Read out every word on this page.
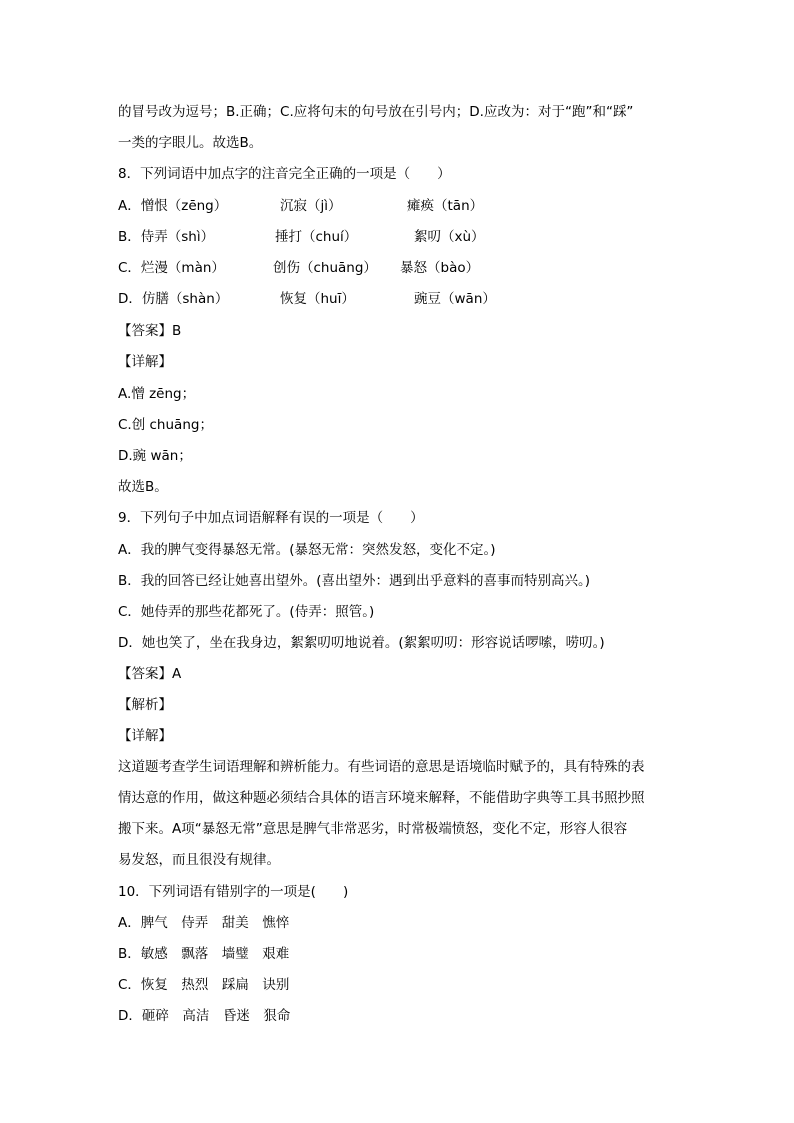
的冒号改为逗号；B.正确；C.应将句末的句号放在引号内；D.应改为：对于“跑”和“踩”
一类的字眼儿。故选B。
8．下列词语中加点字的注音完全正确的一项是（　　）
A．憎恨（zēng）	沉寂（jì）	瘫痪（tān）
B．侍弄（shì）	捶打（chuí）	絮叨（xù）
C．烂漫（màn）	创伤（chuāng） 暴怒（bào）
D．仿膳（shàn）	恢复（huī）	豌豆（wān）
【答案】B
【详解】
A.憎 zēng；
C.创 chuāng；
D.豌 wān；
故选B。
9．下列句子中加点词语解释有误的一项是（　　）
A．我的脾气变得暴怒无常。(暴怒无常：突然发怒，变化不定。)
B．我的回答已经让她喜出望外。(喜出望外：遇到出乎意料的喜事而特别高兴。)
C．她侍弄的那些花都死了。(侍弄：照管。)
D．她也笑了，坐在我身边，絮絮叨叨地说着。(絮絮叨叨：形容说话啰嗦，唠叨。)
【答案】A
【解析】
【详解】
这道题考查学生词语理解和辨析能力。有些词语的意思是语境临时赋予的，具有特殊的表
情达意的作用，做这种题必须结合具体的语言环境来解释，不能借助字典等工具书照抄照
搬下来。A项“暴怒无常”意思是脾气非常恶劣，时常极端愤怒，变化不定，形容人很容
易发怒，而且很没有规律。
10．下列词语有错别字的一项是(　　)
A．脾气　侍弄　甜美　憔悴
B．敏感　飘落　墙璧　艰难
C．恢复　热烈　踩扁　诀别
D．砸碎　高洁　昏迷　狠命
